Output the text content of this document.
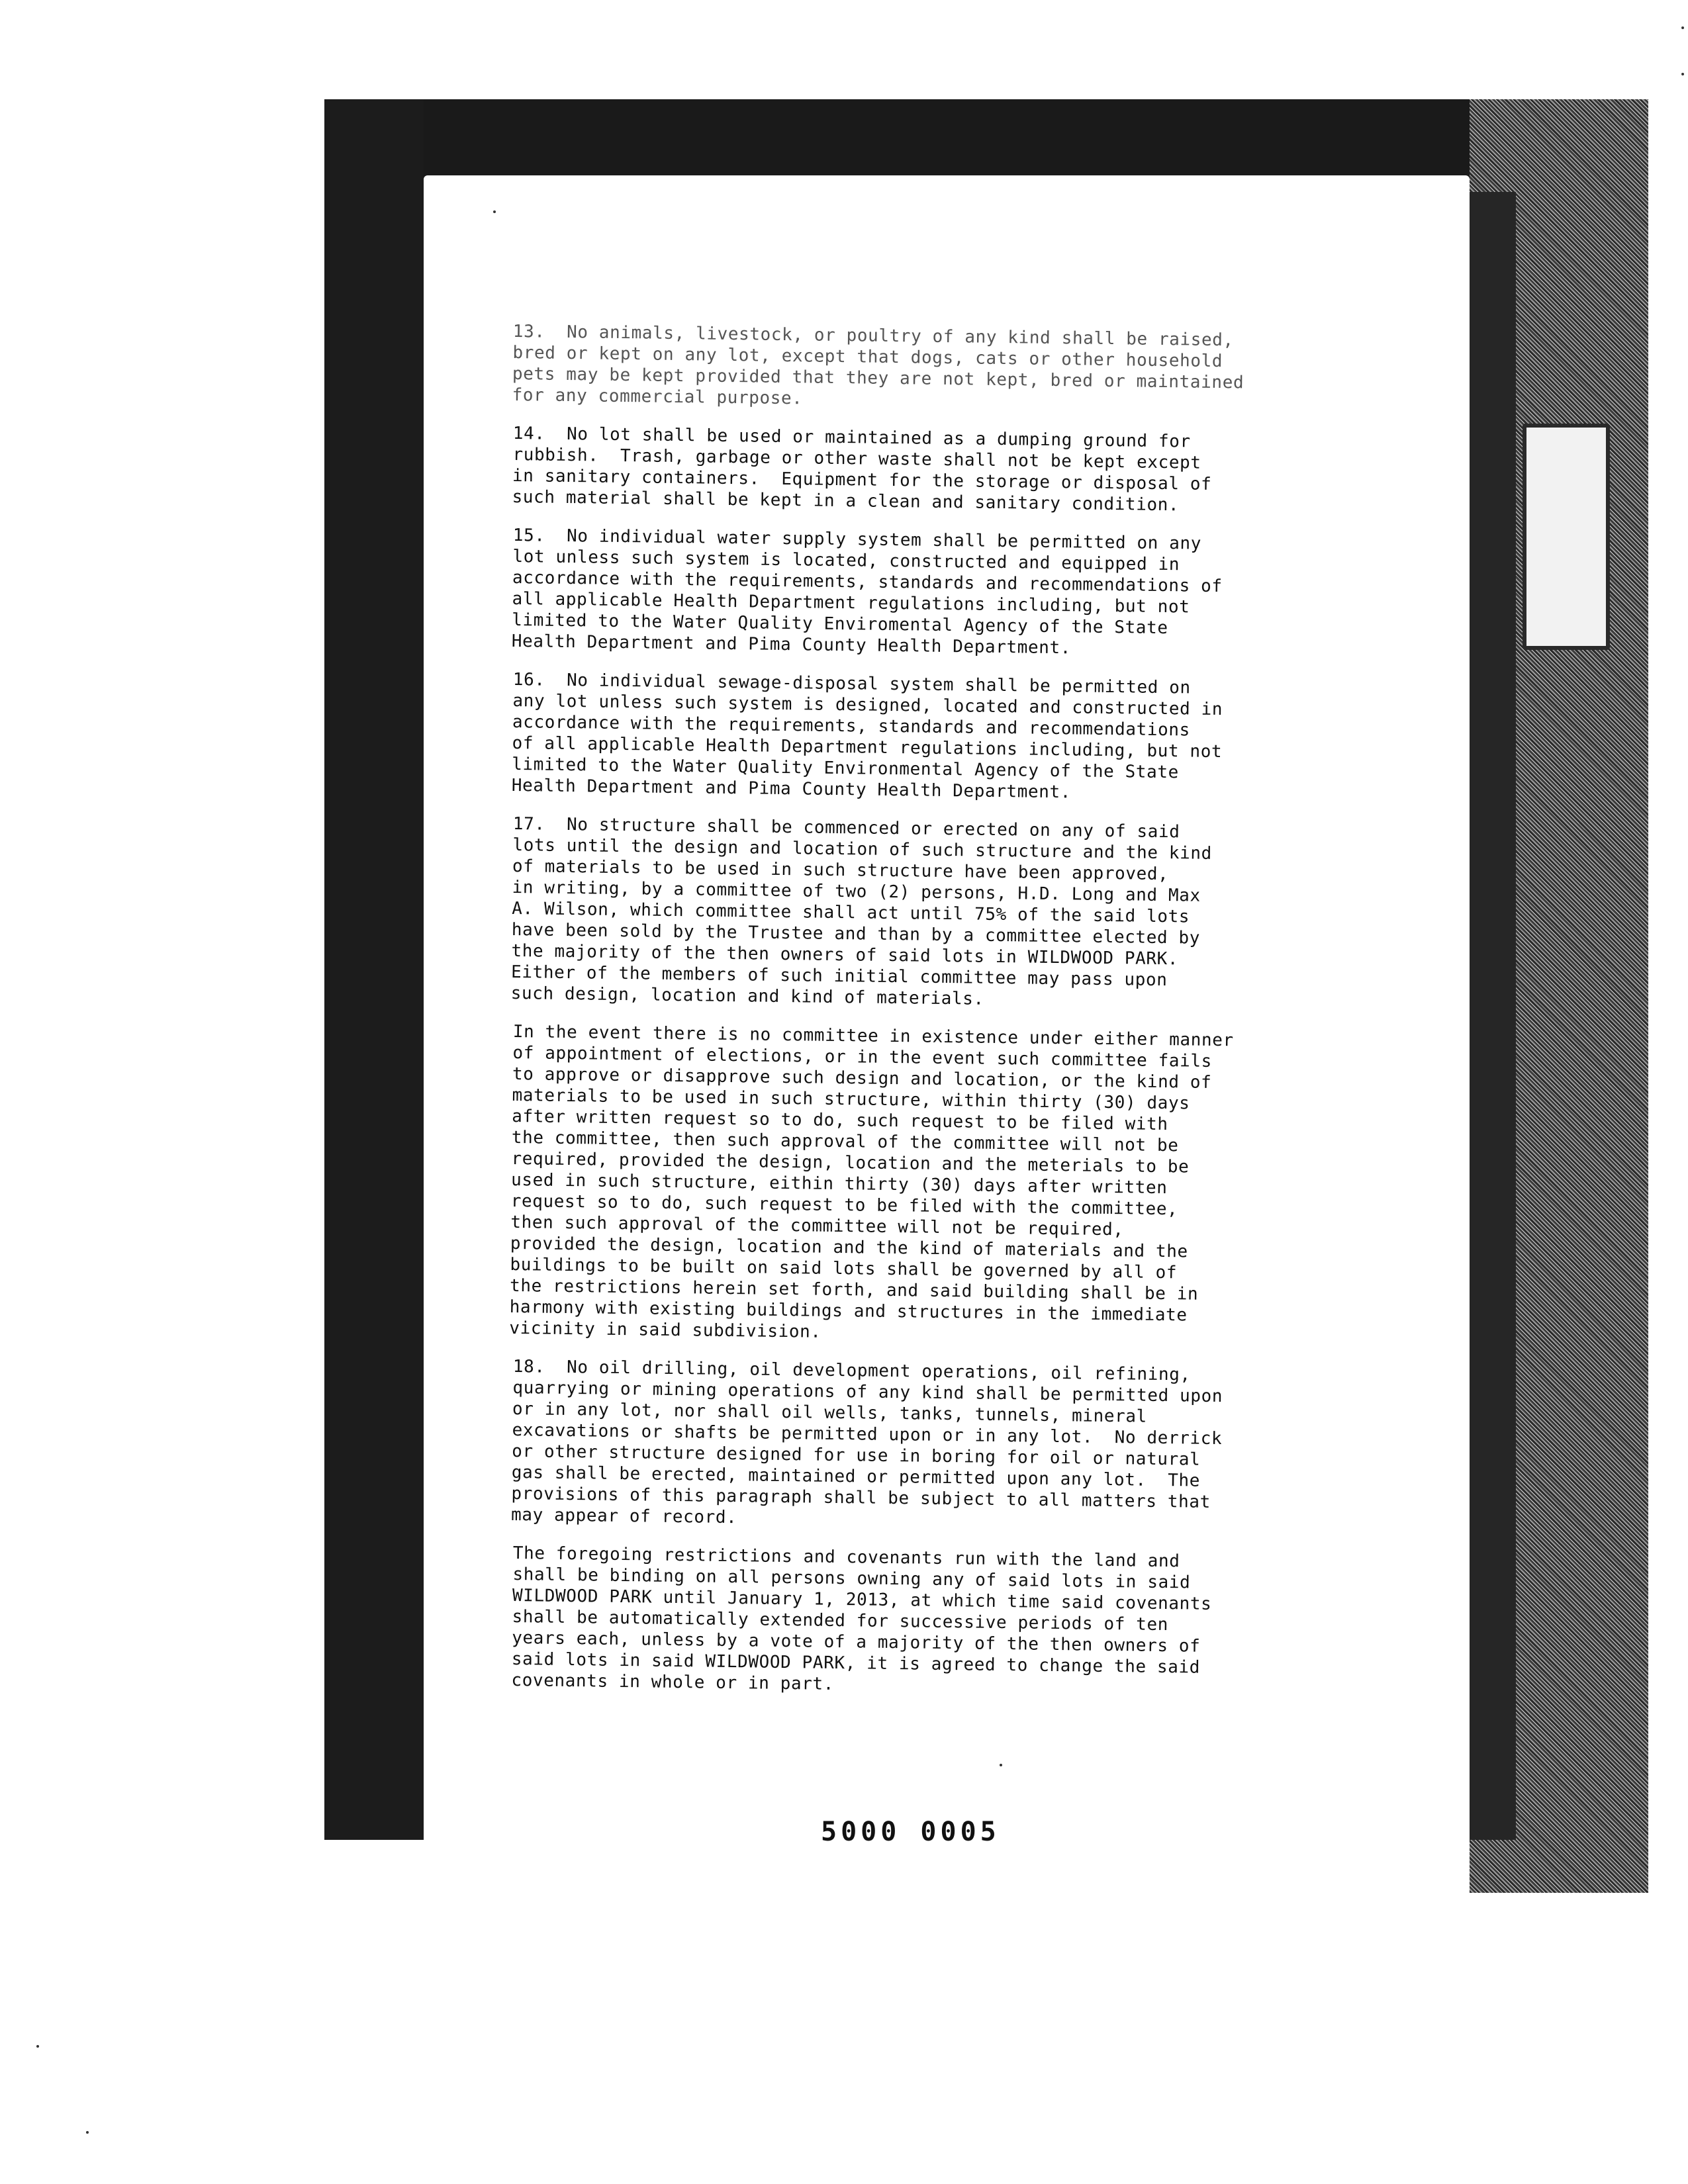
13.  No animals, livestock, or poultry of any kind shall be raised,
bred or kept on any lot, except that dogs, cats or other household
pets may be kept provided that they are not kept, bred or maintained
for any commercial purpose.

14.  No lot shall be used or maintained as a dumping ground for
rubbish.  Trash, garbage or other waste shall not be kept except
in sanitary containers.  Equipment for the storage or disposal of
such material shall be kept in a clean and sanitary condition.

15.  No individual water supply system shall be permitted on any
lot unless such system is located, constructed and equipped in
accordance with the requirements, standards and recommendations of
all applicable Health Department regulations including, but not
limited to the Water Quality Enviromental Agency of the State
Health Department and Pima County Health Department.

16.  No individual sewage-disposal system shall be permitted on
any lot unless such system is designed, located and constructed in
accordance with the requirements, standards and recommendations
of all applicable Health Department regulations including, but not
limited to the Water Quality Environmental Agency of the State
Health Department and Pima County Health Department.

17.  No structure shall be commenced or erected on any of said
lots until the design and location of such structure and the kind
of materials to be used in such structure have been approved,
in writing, by a committee of two (2) persons, H.D. Long and Max
A. Wilson, which committee shall act until 75% of the said lots
have been sold by the Trustee and than by a committee elected by
the majority of the then owners of said lots in WILDWOOD PARK.
Either of the members of such initial committee may pass upon
such design, location and kind of materials.

In the event there is no committee in existence under either manner
of appointment of elections, or in the event such committee fails
to approve or disapprove such design and location, or the kind of
materials to be used in such structure, within thirty (30) days
after written request so to do, such request to be filed with
the committee, then such approval of the committee will not be
required, provided the design, location and the meterials to be
used in such structure, eithin thirty (30) days after written
request so to do, such request to be filed with the committee,
then such approval of the committee will not be required,
provided the design, location and the kind of materials and the
buildings to be built on said lots shall be governed by all of
the restrictions herein set forth, and said building shall be in
harmony with existing buildings and structures in the immediate
vicinity in said subdivision.

18.  No oil drilling, oil development operations, oil refining,
quarrying or mining operations of any kind shall be permitted upon
or in any lot, nor shall oil wells, tanks, tunnels, mineral
excavations or shafts be permitted upon or in any lot.  No derrick
or other structure designed for use in boring for oil or natural
gas shall be erected, maintained or permitted upon any lot.  The
provisions of this paragraph shall be subject to all matters that
may appear of record.

The foregoing restrictions and covenants run with the land and
shall be binding on all persons owning any of said lots in said
WILDWOOD PARK until January 1, 2013, at which time said covenants
shall be automatically extended for successive periods of ten
years each, unless by a vote of a majority of the then owners of
said lots in said WILDWOOD PARK, it is agreed to change the said
covenants in whole or in part.

5000 0005
